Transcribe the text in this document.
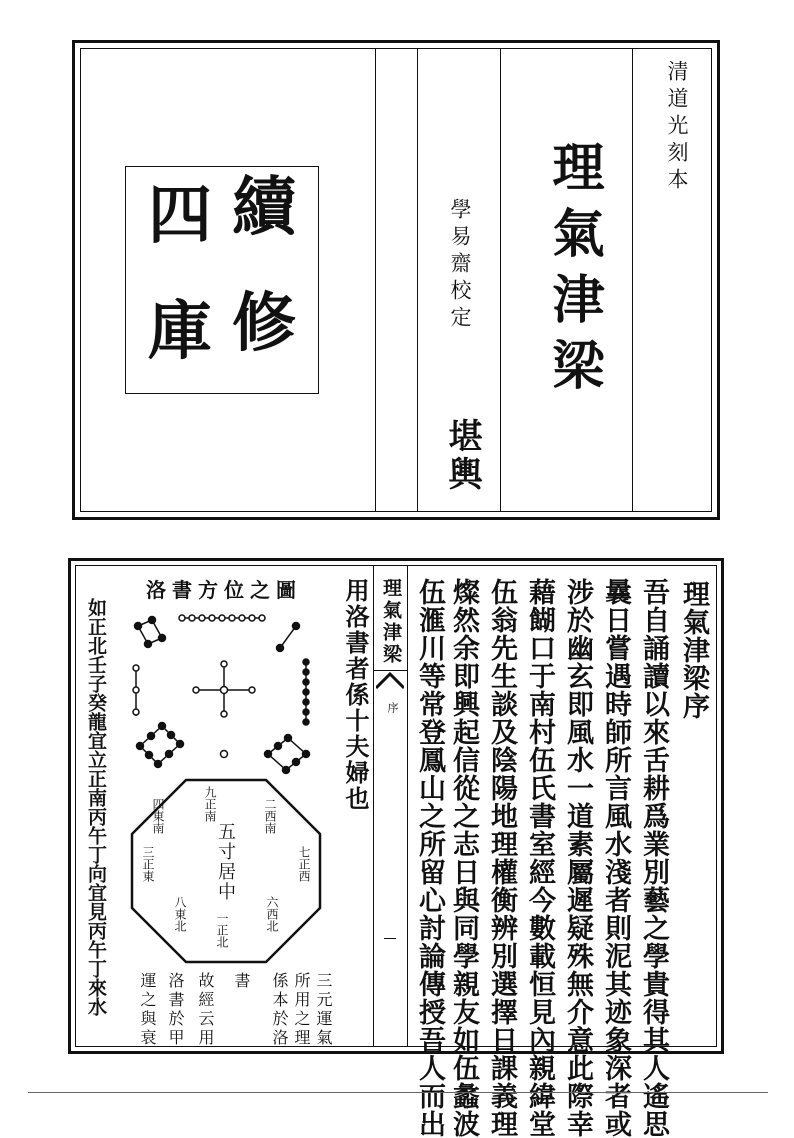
續
修
四
庫
清道光刻本
理氣津梁
學易齋校定
堪輿
理氣津梁
序	理氣津梁序
吾自誦讀以來舌耕爲業別藝之學貴得其人遙思
曩日嘗遇時師所言風水淺者則泥其迹象深者或
涉於幽玄即風水一道素屬遲疑殊無介意此際幸
藉餬口于南村伍氏書室經今數載恒見內親緯堂
伍翁先生談及陰陽地理權衡辨別選擇日課義理
燦然余即興起信從之志日與同學親友如伍蠡波
伍滙川等常登鳳山之所留心討論傳授吾人而出
洛書方位之圖 用洛書者係十夫婦也
五寸居中
九正南	二西南
七正西
六西北
一正北
八東北
三正東
四東南
三元運氣
所用之理
係本於洛
書
故經云用
洛書於甲
運之與衰
如正北壬子癸龍宜立正南丙午丁向宜見丙午丁來水
